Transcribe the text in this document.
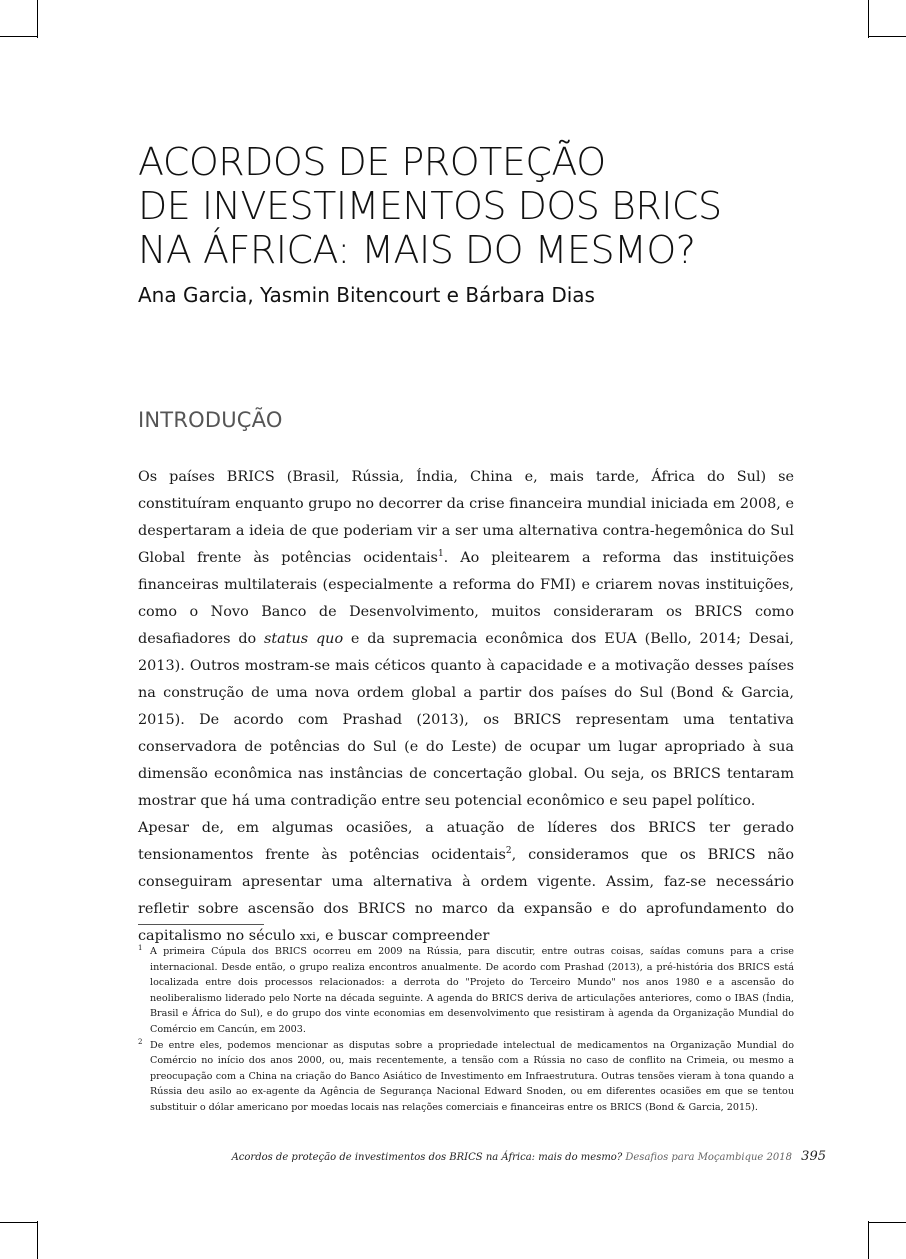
ACORDOS DE PROTEÇÃO
DE INVESTIMENTOS DOS BRICS
NA ÁFRICA: MAIS DO MESMO?
Ana Garcia, Yasmin Bitencourt e Bárbara Dias
INTRODUÇÃO

Os países BRICS (Brasil, Rússia, Índia, China e, mais tarde, África do Sul) se constituíram enquanto grupo no decorrer da crise financeira mundial iniciada em 2008, e despertaram a ideia de que poderiam vir a ser uma alternativa contra-hegemônica do Sul Global frente às potências ocidentais$^1$. Ao pleitearem a reforma das instituições financeiras multilaterais (especialmente a reforma do FMI) e criarem novas instituições, como o Novo Banco de Desenvolvimento, muitos consideraram os BRICS como desafiadores do status quo e da supremacia econômica dos EUA (Bello, 2014; Desai, 2013). Outros mostram-se mais céticos quanto à capacidade e a motivação desses países na construção de uma nova ordem global a partir dos países do Sul (Bond & Garcia, 2015). De acordo com Prashad (2013), os BRICS representam uma tentativa conservadora de potências do Sul (e do Leste) de ocupar um lugar apropriado à sua dimensão econômica nas instâncias de concertação global. Ou seja, os BRICS tentaram mostrar que há uma contradição entre seu potencial econômico e seu papel político.

Apesar de, em algumas ocasiões, a atuação de líderes dos BRICS ter gerado tensionamentos frente às potências ocidentais$^2$, consideramos que os BRICS não conseguiram apresentar uma alternativa à ordem vigente. Assim, faz-se necessário refletir sobre ascensão dos BRICS no marco da expansão e do aprofundamento do capitalismo no século xxi, e buscar compreender

1 A primeira Cúpula dos BRICS ocorreu em 2009 na Rússia, para discutir, entre outras coisas, saídas comuns para a crise internacional. Desde então, o grupo realiza encontros anualmente. De acordo com Prashad (2013), a pré-história dos BRICS está localizada entre dois processos relacionados: a derrota do "Projeto do Terceiro Mundo" nos anos 1980 e a ascensão do neoliberalismo liderado pelo Norte na década seguinte. A agenda do BRICS deriva de articulações anteriores, como o IBAS (Índia, Brasil e África do Sul), e do grupo dos vinte economias em desenvolvimento que resistiram à agenda da Organização Mundial do Comércio em Cancún, em 2003.

2 De entre eles, podemos mencionar as disputas sobre a propriedade intelectual de medicamentos na Organização Mundial do Comércio no início dos anos 2000, ou, mais recentemente, a tensão com a Rússia no caso de conflito na Crimeia, ou mesmo a preocupação com a China na criação do Banco Asiático de Investimento em Infraestrutura. Outras tensões vieram à tona quando a Rússia deu asilo ao ex-agente da Agência de Segurança Nacional Edward Snoden, ou em diferentes ocasiões em que se tentou substituir o dólar americano por moedas locais nas relações comerciais e financeiras entre os BRICS (Bond & Garcia, 2015).

Acordos de proteção de investimentos dos BRICS na África: mais do mesmo? Desafios para Moçambique 2018 395
